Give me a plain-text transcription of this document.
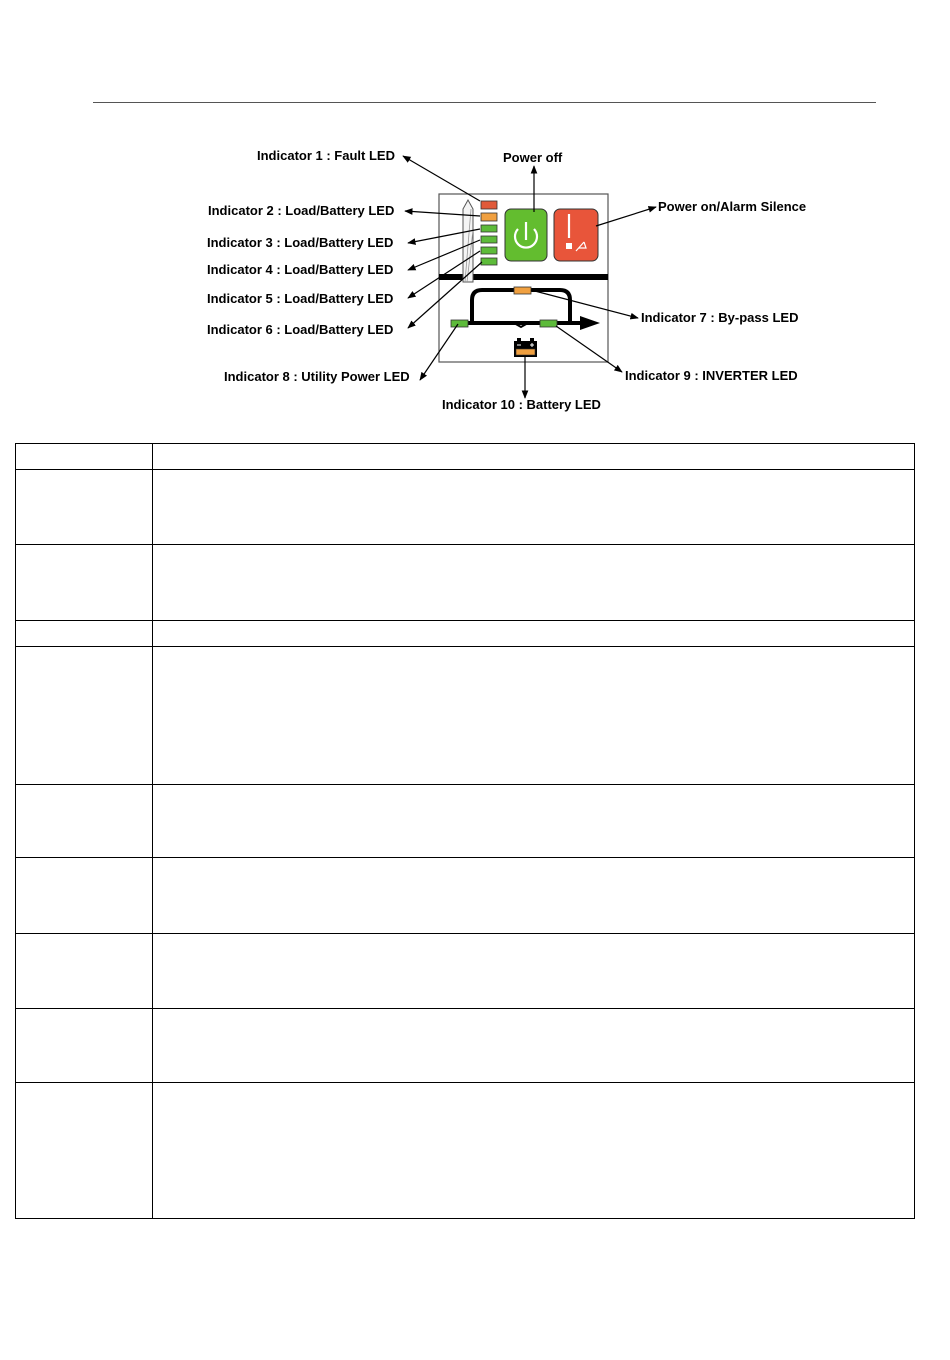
Indicator 1 : Fault LED	Power off
Indicator 2 : Load/Battery LED	Power on/Alarm Silence
Indicator 3 : Load/Battery LED
Indicator 4 : Load/Battery LED
Indicator 5 : Load/Battery LED
Indicator 6 : Load/Battery LED
Indicator 7 : By-pass LED
Indicator 8 : Utility Power LED	Indicator 9 : INVERTER LED
Indicator 10 : Battery LED
